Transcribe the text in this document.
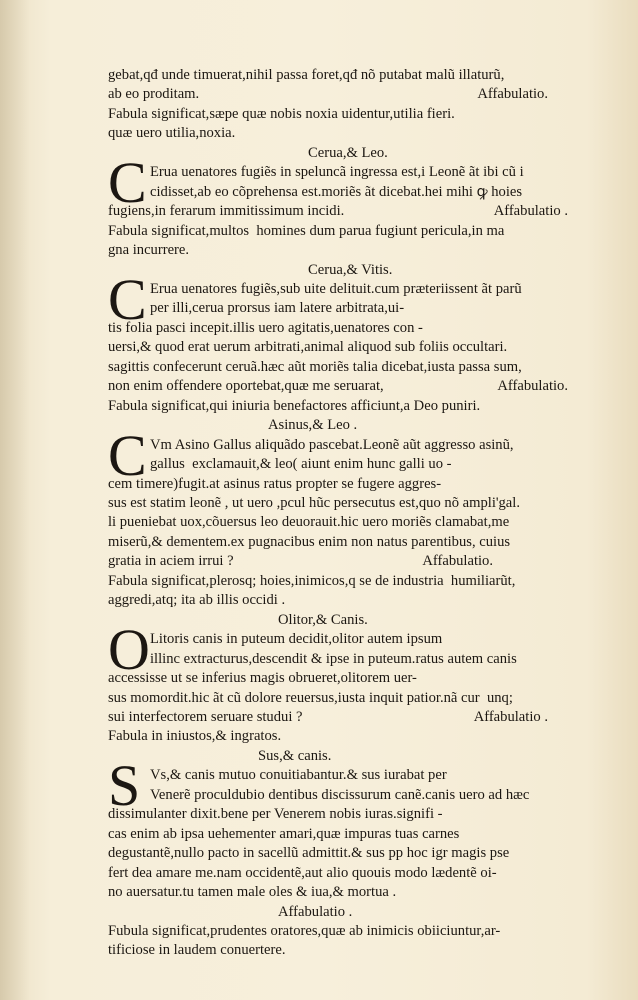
gebat,qđ unde timuerat,nihil passa foret,qđ nõ putabat malũ illaturũ,
ab eo proditam.	Affabulatio.
Fabula significat,sæpe quæ nobis noxia uidentur,utilia fieri.
quæ uero utilia,noxia.
Cerua,& Leo.
C Erua uenatores fugiẽs in speluncã ingressa est,i Leonẽ ãt ibi cũ i
cidisset,ab eo cõprehensa est.moriẽs ãt dicebat.hei mihi ꝙ hoies
fugiens,in ferarum immitissimum incidi.	Affabulatio .
Fabula significat,multos  homines dum parua fugiunt pericula,in ma
gna incurrere.
Cerua,& Vitis.
C Erua uenatores fugiẽs,sub uite delituit.cum præteriissent ãt parũ
per illi,cerua prorsus iam latere arbitrata,ui-
tis folia pasci incepit.illis uero agitatis,uenatores con -
uersi,& quod erat uerum arbitrati,animal aliquod sub foliis occultari.
sagittis confecerunt ceruã.hæc aũt moriẽs talia dicebat,iusta passa sum,
non enim offendere oportebat,quæ me seruarat,	Affabulatio.
Fabula significat,qui iniuria benefactores afficiunt,a Deo puniri.
Asinus,& Leo .
C Vm Asino Gallus aliquãdo pascebat.Leonẽ aũt aggresso asinũ,
gallus  exclamauit,& leo( aiunt enim hunc galli uo -
cem timere)fugit.at asinus ratus propter se fugere aggres-
sus est statim leonẽ , ut uero ,pcul hũc persecutus est,quo nõ ampli'gal.
li pueniebat uox,cõuersus leo deuorauit.hic uero moriẽs clamabat,me
miserũ,& dementem.ex pugnacibus enim non natus parentibus, cuius
gratia in aciem irrui ?	Affabulatio.
Fabula significat,plerosq; hoies,inimicos,q se de industria  humiliarũt,
aggredi,atq; ita ab illis occidi .
Olitor,& Canis.
O Litoris canis in puteum decidit,olitor autem ipsum
illinc extracturus,descendit & ipse in puteum.ratus autem canis
accessisse ut se inferius magis obrueret,olitorem uer-
sus momordit.hic ãt cũ dolore reuersus,iusta inquit patior.nã cur  unq;
sui interfectorem seruare studui ?	Affabulatio .
Fabula in iniustos,& ingratos.
Sus,& canis.
S Vs,& canis mutuo conuitiabantur.& sus iurabat per
Venerẽ proculdubio dentibus discissurum canẽ.canis uero ad hæc
dissimulanter dixit.bene per Venerem nobis iuras.signifi -
cas enim ab ipsa uehementer amari,quæ impuras tuas carnes
degustantẽ,nullo pacto in sacellũ admittit.& sus pp hoc igr magis pse
fert dea amare me.nam occidentẽ,aut alio quouis modo lædentẽ oi-
no auersatur.tu tamen male oles & iua,& mortua .
Affabulatio .
Fubula significat,prudentes oratores,quæ ab inimicis obiiciuntur,ar-
tificiose in laudem conuertere.
